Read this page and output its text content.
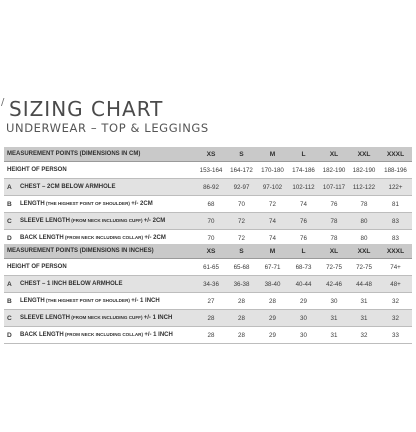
/ SIZING CHART
UNDERWEAR – TOP & LEGGINGS
MEASUREMENT POINTS (DIMENSIONS IN CM)		XS	S	M	L	XL	XXL	XXXL
HEIGHT OF PERSON		153-164	164-172	170-180	174-186	182-190	182-190	188-196
A	CHEST – 2CM BELOW ARMHOLE	86-92	92-97	97-102	102-112	107-117	112-122	122+
B	LENGTH (THE HIGHEST POINT OF SHOULDER) +/- 2CM	68	70	72	74	76	78	81
C	SLEEVE LENGTH (FROM NECK INCLUDING CUFF) +/- 2CM	70	72	74	76	78	80	83
D	BACK LENGTH (FROM NECK INCLUDING COLLAR) +/- 2CM	70	72	74	76	78	80	83
MEASUREMENT POINTS (DIMENSIONS IN INCHES)		XS	S	M	L	XL	XXL	XXXL
HEIGHT OF PERSON		61-65	65-68	67-71	68-73	72-75	72-75	74+
A	CHEST – 1 INCH BELOW ARMHOLE	34-36	36-38	38-40	40-44	42-46	44-48	48+
B	LENGTH (THE HIGHEST POINT OF SHOULDER) +/- 1 INCH	27	28	28	29	30	31	32
C	SLEEVE LENGTH (FROM NECK INCLUDING CUFF) +/- 1 INCH	28	28	29	30	31	31	32
D	BACK LENGTH (FROM NECK INCLUDING COLLAR) +/- 1 INCH	28	28	29	30	31	32	33
